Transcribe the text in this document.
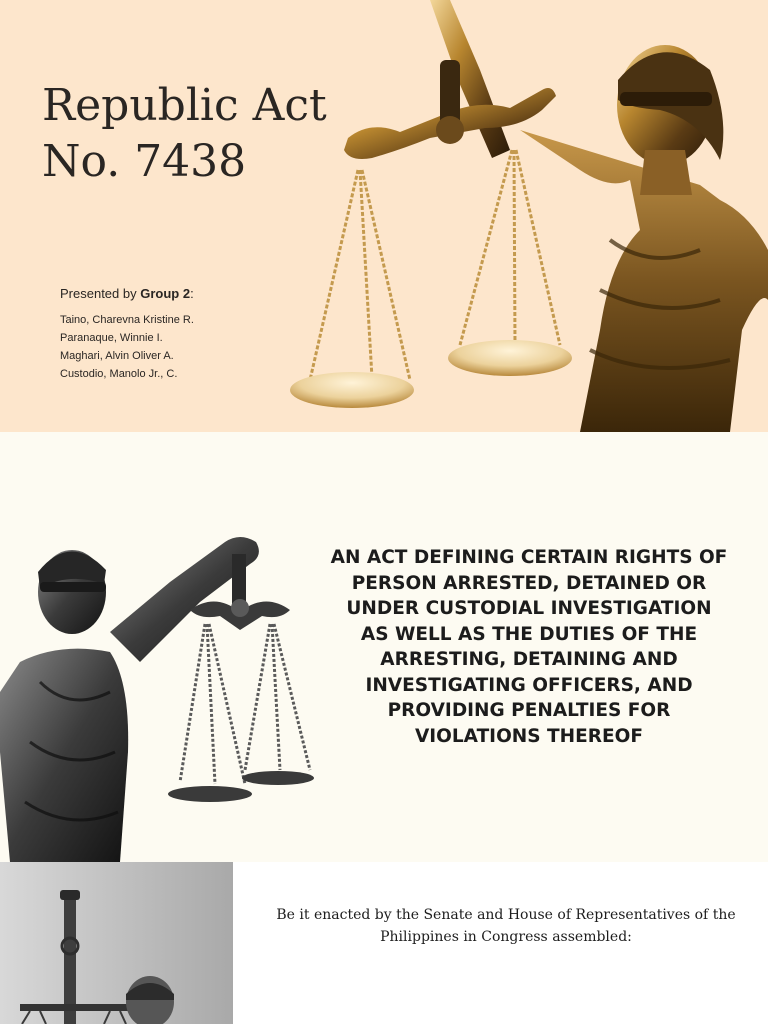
Republic Act
No. 7438
Presented by Group 2:
Taino, Charevna Kristine R.
Paranaque, Winnie I.
Maghari, Alvin Oliver A.
Custodio, Manolo Jr., C.
AN ACT DEFINING CERTAIN RIGHTS OF
PERSON ARRESTED, DETAINED OR
UNDER CUSTODIAL INVESTIGATION
AS WELL AS THE DUTIES OF THE
ARRESTING, DETAINING AND
INVESTIGATING OFFICERS, AND
PROVIDING PENALTIES FOR
VIOLATIONS THEREOF
Be it enacted by the Senate and House of Representatives of the
Philippines in Congress assembled:
